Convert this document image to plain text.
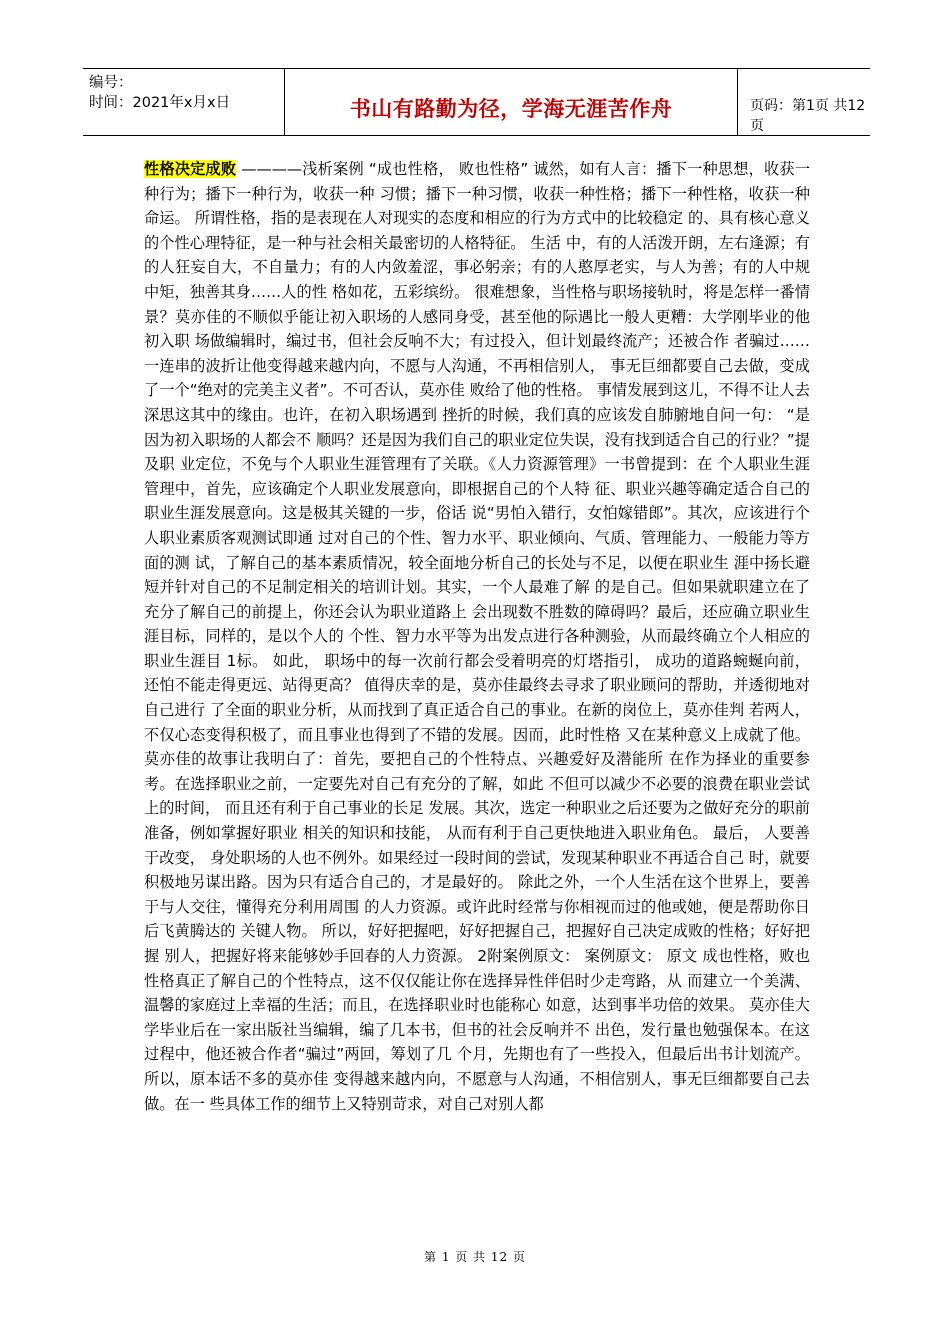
编号：
时间：2021年x月x日	书山有路勤为径，学海无涯苦作舟	页码：第1页 共12页
性格决定成败 ————浅析案例 “成也性格， 败也性格” 诚然，如有人言：播下一种思想，收获一种行为；播下一种行为，收获一种 习惯；播下一种习惯，收获一种性格；播下一种性格，收获一种命运。 所谓性格，指的是表现在人对现实的态度和相应的行为方式中的比较稳定 的、具有核心意义的个性心理特征，是一种与社会相关最密切的人格特征。 生活 中，有的人活泼开朗，左右逢源；有的人狂妄自大，不自量力；有的人内敛羞涩，事必躬亲；有的人憨厚老实，与人为善；有的人中规中矩，独善其身……人的性 格如花，五彩缤纷。 很难想象，当性格与职场接轨时，将是怎样一番情景？莫亦佳的不顺似乎能让初入职场的人感同身受，甚至他的际遇比一般人更糟：大学刚毕业的他初入职 场做编辑时，编过书，但社会反响不大；有过投入，但计划最终流产；还被合作 者骗过……一连串的波折让他变得越来越内向，不愿与人沟通，不再相信别人， 事无巨细都要自己去做，变成了一个“绝对的完美主义者”。不可否认，莫亦佳 败给了他的性格。 事情发展到这儿，不得不让人去深思这其中的缘由。也许，在初入职场遇到 挫折的时候，我们真的应该发自肺腑地自问一句： “是因为初入职场的人都会不 顺吗？还是因为我们自己的职业定位失误，没有找到适合自己的行业？”提及职 业定位，不免与个人职业生涯管理有了关联。《人力资源管理》一书曾提到：在 个人职业生涯管理中，首先，应该确定个人职业发展意向，即根据自己的个人特 征、职业兴趣等确定适合自己的职业生涯发展意向。这是极其关键的一步，俗话 说“男怕入错行，女怕嫁错郎”。其次，应该进行个人职业素质客观测试即通 过对自己的个性、智力水平、职业倾向、气质、管理能力、一般能力等方面的测 试，了解自己的基本素质情况，较全面地分析自己的长处与不足，以便在职业生 涯中扬长避短并针对自己的不足制定相关的培训计划。其实，一个人最难了解 的是自己。但如果就职建立在了充分了解自己的前提上，你还会认为职业道路上 会出现数不胜数的障碍吗？最后，还应确立职业生涯目标，同样的，是以个人的 个性、智力水平等为出发点进行各种测验，从而最终确立个人相应的职业生涯目 1标。 如此， 职场中的每一次前行都会受着明亮的灯塔指引， 成功的道路蜿蜒向前， 还怕不能走得更远、站得更高？ 值得庆幸的是，莫亦佳最终去寻求了职业顾问的帮助，并透彻地对自己进行 了全面的职业分析，从而找到了真正适合自己的事业。在新的岗位上，莫亦佳判 若两人，不仅心态变得积极了，而且事业也得到了不错的发展。因而，此时性格 又在某种意义上成就了他。 莫亦佳的故事让我明白了：首先，要把自己的个性特点、兴趣爱好及潜能所 在作为择业的重要参考。在选择职业之前，一定要先对自己有充分的了解，如此 不但可以减少不必要的浪费在职业尝试上的时间， 而且还有利于自己事业的长足 发展。其次，选定一种职业之后还要为之做好充分的职前准备，例如掌握好职业 相关的知识和技能， 从而有利于自己更快地进入职业角色。 最后， 人要善于改变， 身处职场的人也不例外。如果经过一段时间的尝试，发现某种职业不再适合自己 时，就要积极地另谋出路。因为只有适合自己的，才是最好的。 除此之外，一个人生活在这个世界上，要善于与人交往，懂得充分利用周围 的人力资源。或许此时经常与你相视而过的他或她，便是帮助你日后飞黄腾达的 关键人物。 所以，好好把握吧，好好把握自己，把握好自己决定成败的性格；好好把握 别人，把握好将来能够妙手回春的人力资源。 2附案例原文： 案例原文： 原文 成也性格，败也性格真正了解自己的个性特点，这不仅仅能让你在选择异性伴侣时少走弯路，从 而建立一个美满、温馨的家庭过上幸福的生活；而且，在选择职业时也能称心 如意，达到事半功倍的效果。 莫亦佳大学毕业后在一家出版社当编辑，编了几本书，但书的社会反响并不 出色，发行量也勉强保本。在这过程中，他还被合作者“骗过”两回，筹划了几 个月，先期也有了一些投入，但最后出书计划流产。所以，原本话不多的莫亦佳 变得越来越内向，不愿意与人沟通，不相信别人，事无巨细都要自己去做。在一 些具体工作的细节上又特别苛求，对自己对别人都
第 1 页 共 12 页
